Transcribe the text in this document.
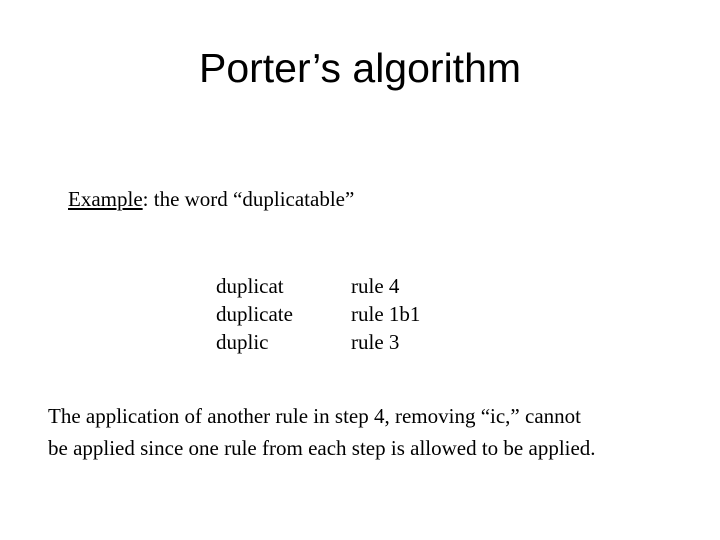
Porter’s algorithm
Example: the word “duplicatable”
duplicat	rule 4
duplicate	rule 1b1
duplic	rule 3
The application of another rule in step 4, removing “ic,” cannot
be applied since one rule from each step is allowed to be applied.
